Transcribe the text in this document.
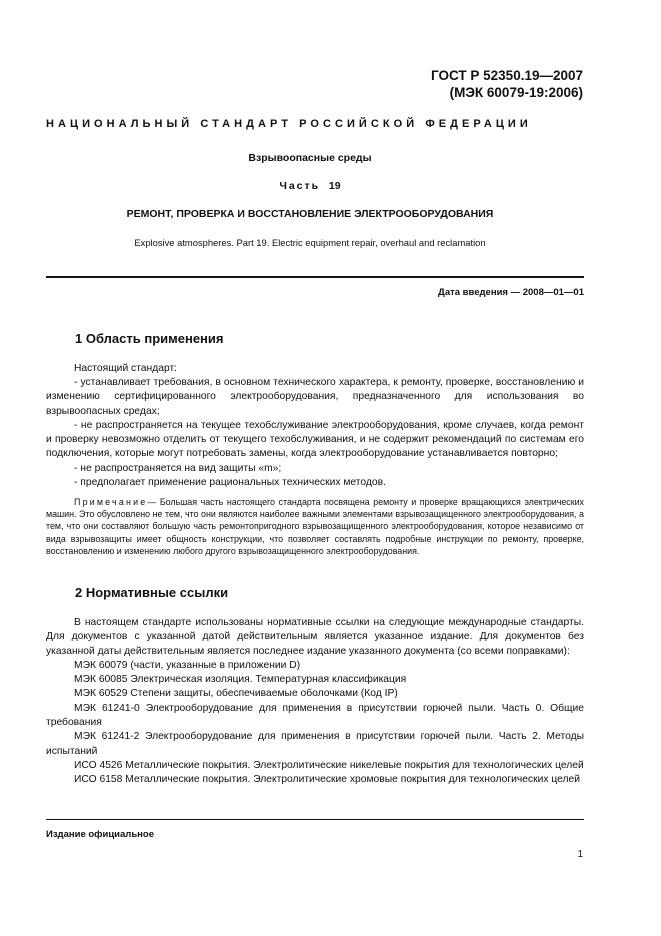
ГОСТ Р 52350.19—2007
(МЭК 60079-19:2006)
НАЦИОНАЛЬНЫЙ СТАНДАРТ РОССИЙСКОЙ ФЕДЕРАЦИИ
Взрывоопасные среды
Часть 19
РЕМОНТ, ПРОВЕРКА И ВОССТАНОВЛЕНИЕ ЭЛЕКТРООБОРУДОВАНИЯ
Explosive atmospheres. Part 19. Electric equipment repair, overhaul and reclamation
Дата введения — 2008—01—01
1 Область применения

Настоящий стандарт:

- устанавливает требования, в основном технического характера, к ремонту, проверке, восстановлению и изменению сертифицированного электрооборудования, предназначенного для использования во взрывоопасных средах;

- не распространяется на текущее техобслуживание электрооборудования, кроме случаев, когда ремонт и проверку невозможно отделить от текущего техобслуживания, и не содержит рекомендаций по системам его подключения, которые могут потребовать замены, когда электрооборудование устанавливается повторно;

- не распространяется на вид защиты «m»;

- предполагает применение рациональных технических методов.

Примечание— Большая часть настоящего стандарта посвящена ремонту и проверке вращающихся электрических машин. Это обусловлено не тем, что они являются наиболее важными элементами взрывозащищенного электрооборудования, а тем, что они составляют большую часть ремонтопригодного взрывозащищенного электрооборудования, которое независимо от вида взрывозащиты имеет общность конструкции, что позволяет составлять подробные инструкции по ремонту, проверке, восстановлению и изменению любого другого взрывозащищенного электрооборудования.
2 Нормативные ссылки

В настоящем стандарте использованы нормативные ссылки на следующие международные стандарты. Для документов с указанной датой действительным является указанное издание. Для документов без указанной даты действительным является последнее издание указанного документа (со всеми поправками):

МЭК 60079 (части, указанные в приложении D)

МЭК 60085 Электрическая изоляция. Температурная классификация

МЭК 60529 Степени защиты, обеспечиваемые оболочками (Код IP)

МЭК 61241-0 Электрооборудование для применения в присутствии горючей пыли. Часть 0. Общие требования

МЭК 61241-2 Электрооборудование для применения в присутствии горючей пыли. Часть 2. Методы испытаний

ИСО 4526 Металлические покрытия. Электролитические никелевые покрытия для технологических целей

ИСО 6158 Металлические покрытия. Электролитические хромовые покрытия для технологических целей

Издание официальное
1
